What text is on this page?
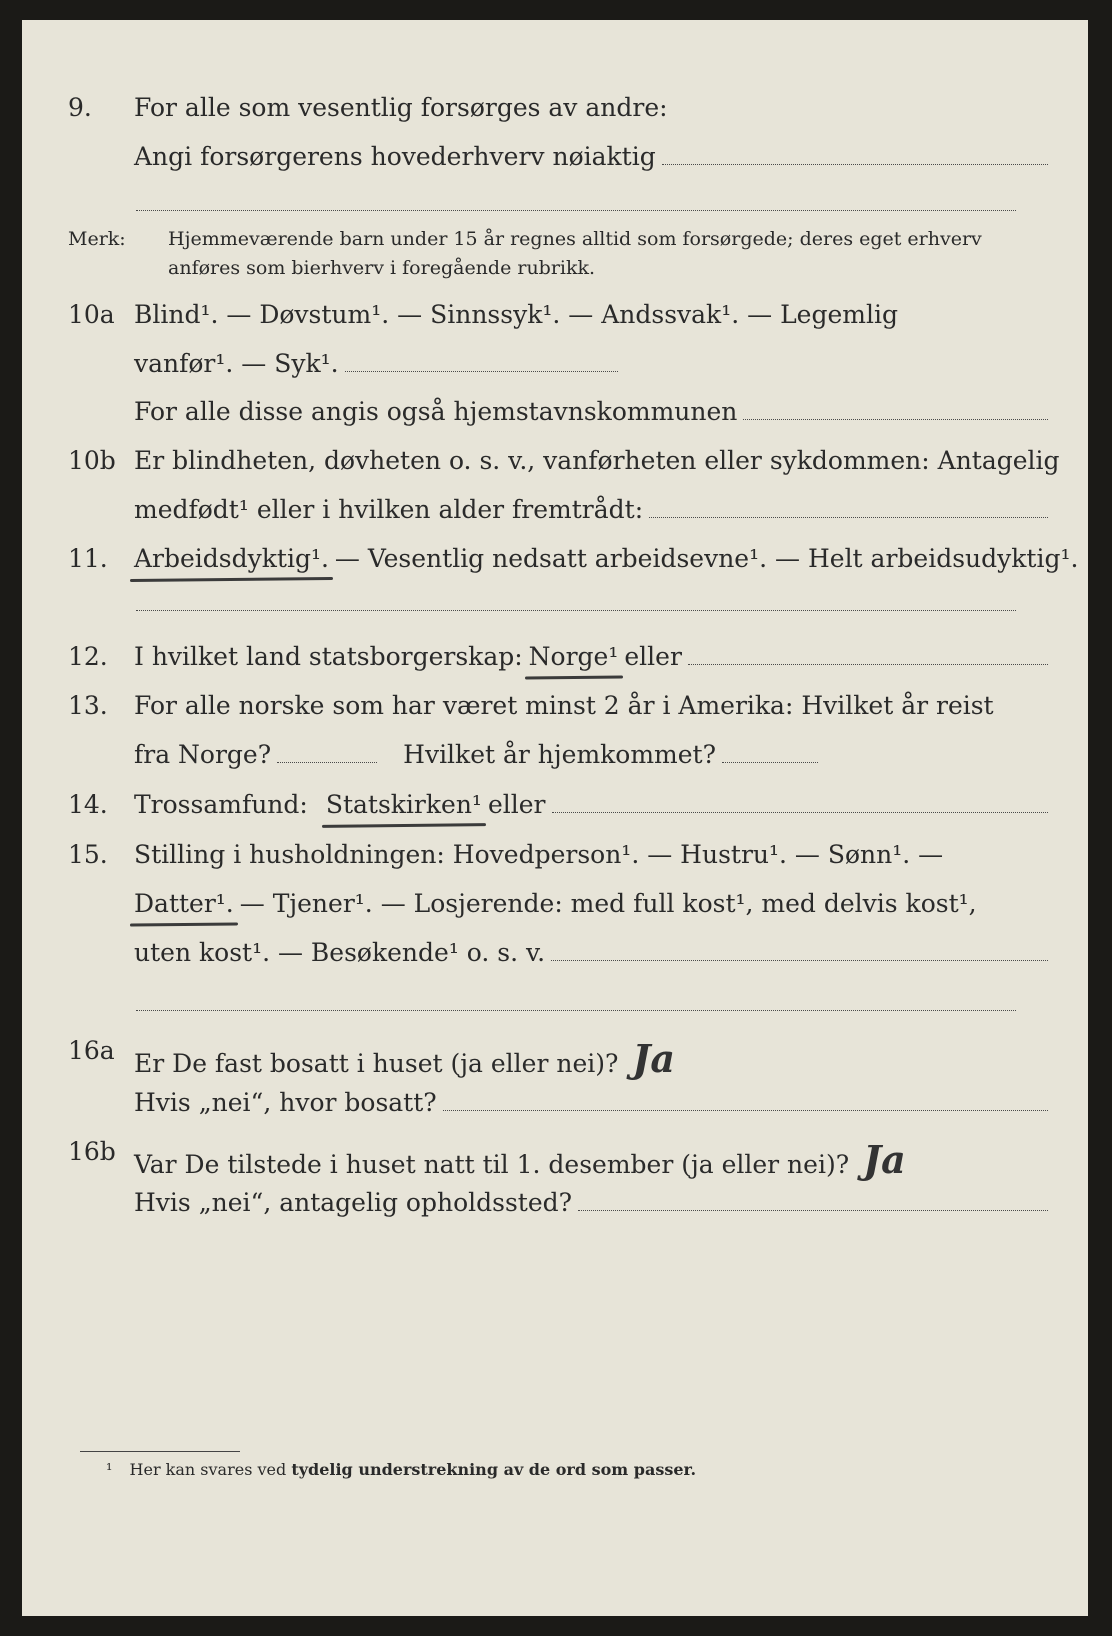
9. For alle som vesentlig forsørges av andre:
Angi forsørgerens hovederhverv nøiaktig
Merk: Hjemmeværende barn under 15 år regnes alltid som forsørgede; deres eget erhverv anføres som bierhverv i foregående rubrikk.
10a Blind¹. — Døvstum¹. — Sinnssyk¹. — Andssvak¹. — Legemlig
vanfør¹. — Syk¹.
For alle disse angis også hjemstavnskommunen
10b Er blindheten, døvheten o. s. v., vanførheten eller sykdommen: Antagelig
medfødt¹ eller i hvilken alder fremtrådt:
11. Arbeidsdyktig¹. — Vesentlig nedsatt arbeidsevne¹. — Helt arbeidsudyktig¹.
12. I hvilket land statsborgerskap: Norge¹ eller
13. For alle norske som har været minst 2 år i Amerika: Hvilket år reist
fra Norge?	Hvilket år hjemkommet?
14. Trossamfund: Statskirken¹ eller
15. Stilling i husholdningen: Hovedperson¹. — Hustru¹. — Sønn¹. —
Datter¹. — Tjener¹. — Losjerende: med full kost¹, med delvis kost¹,
uten kost¹. — Besøkende¹ o. s. v.
16a Er De fast bosatt i huset (ja eller nei)? Ja
Hvis „nei“, hvor bosatt?
16b Var De tilstede i huset natt til 1. desember (ja eller nei)? Ja
Hvis „nei“, antagelig opholdssted?
¹ Her kan svares ved tydelig understrekning av de ord som passer.
